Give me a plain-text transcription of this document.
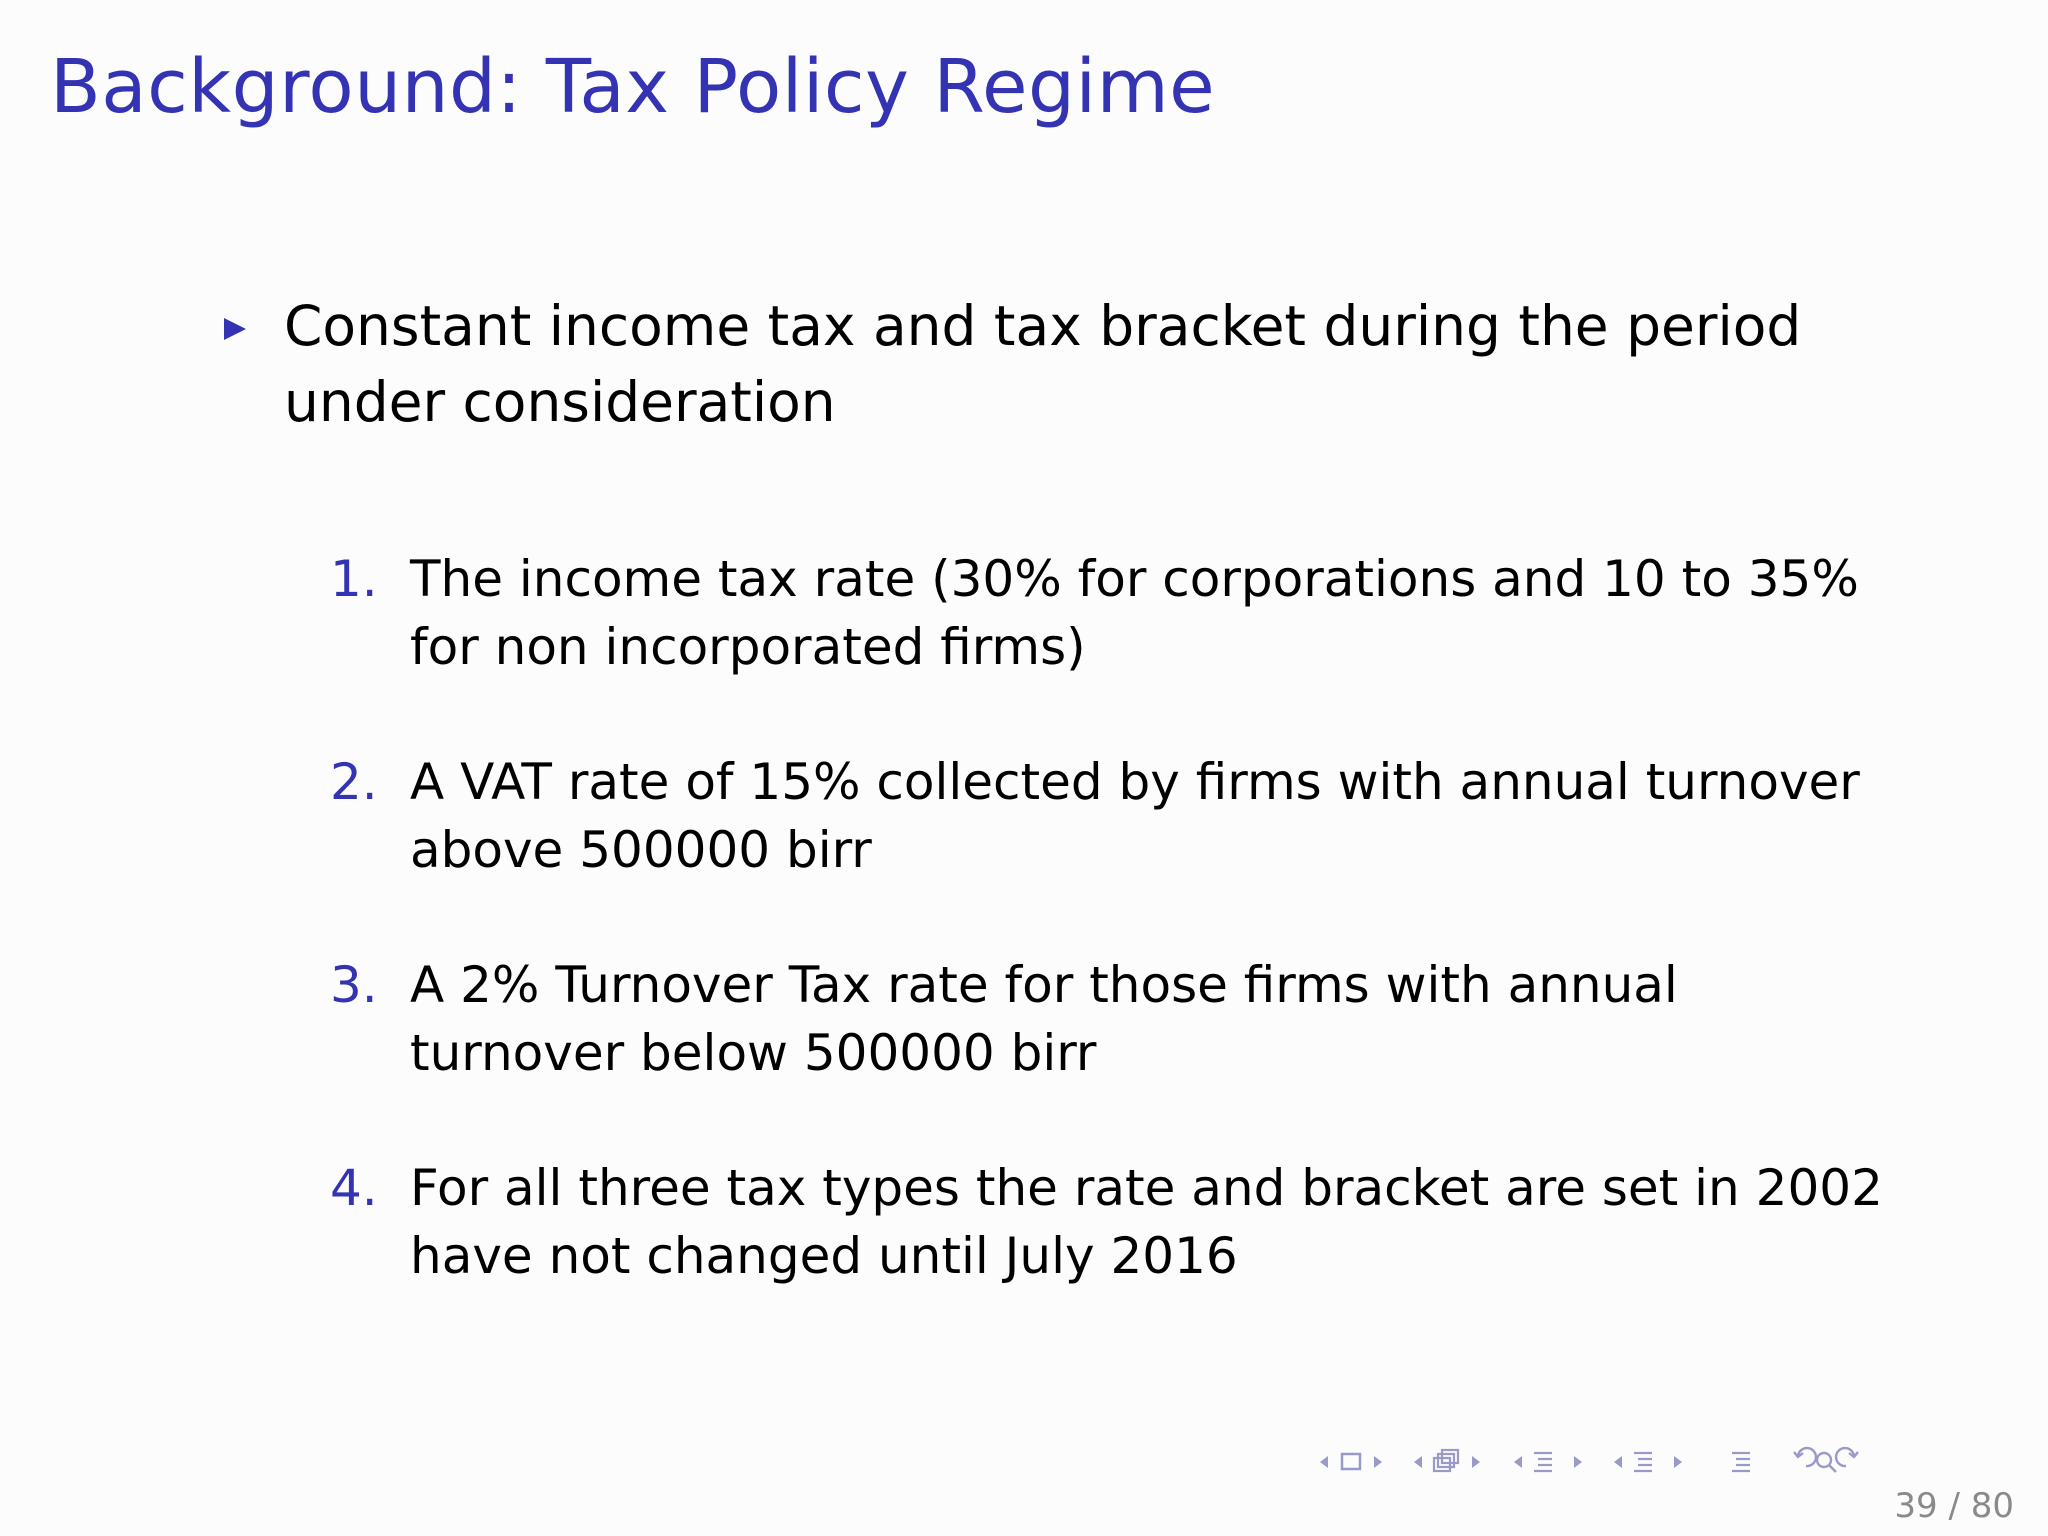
Background: Tax Policy Regime
Constant income tax and tax bracket during the period under consideration
1. The income tax rate (30% for corporations and 10 to 35% for non incorporated firms)
2. A VAT rate of 15% collected by firms with annual turnover above 500000 birr
3. A 2% Turnover Tax rate for those firms with annual turnover below 500000 birr
4. For all three tax types the rate and bracket are set in 2002 have not changed until July 2016
39 / 80
